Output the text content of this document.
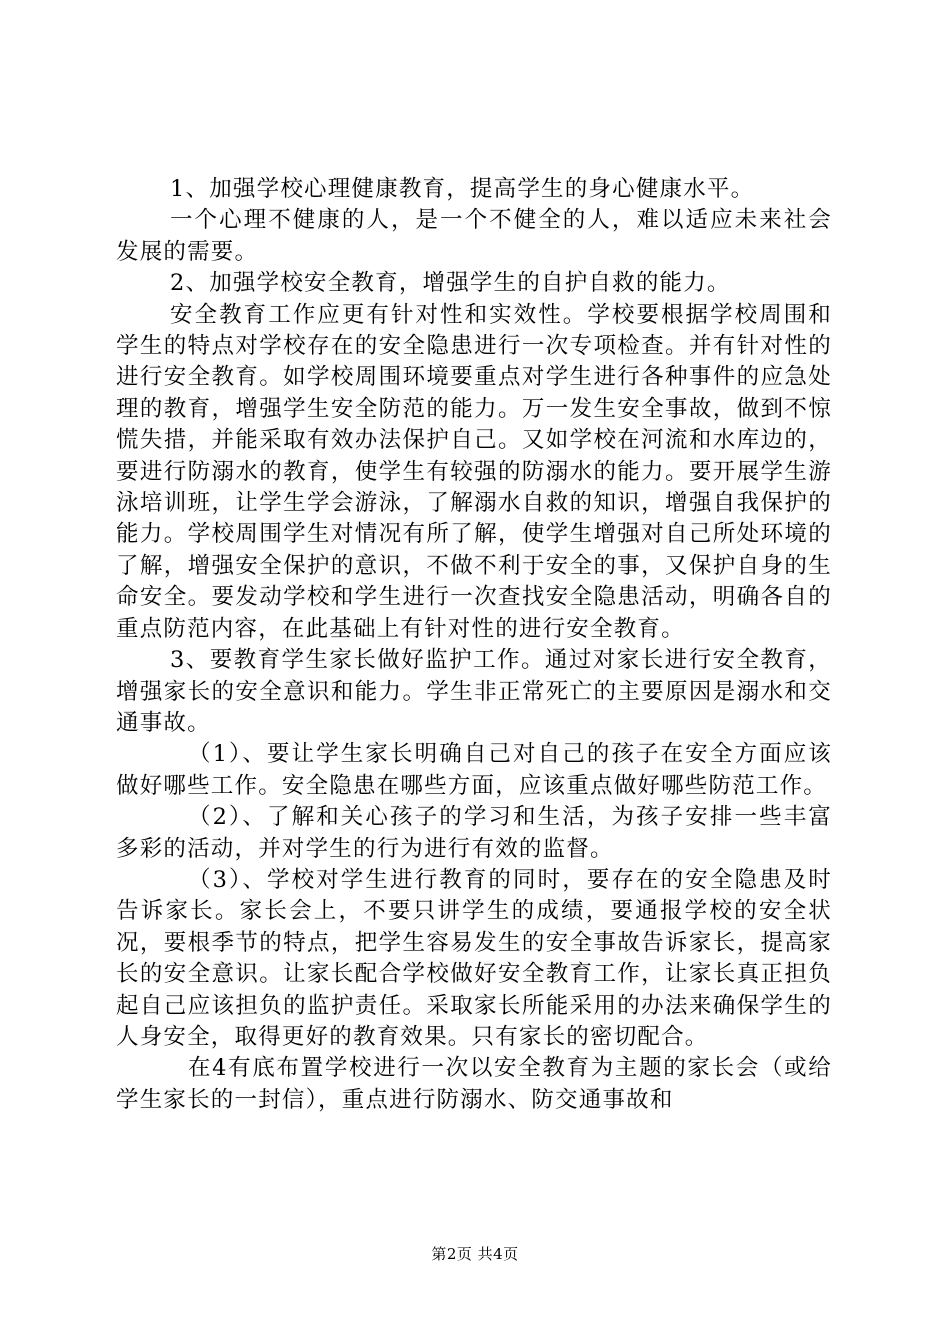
1、加强学校心理健康教育，提高学生的身心健康水平。

一个心理不健康的人，是一个不健全的人，难以适应未来社会发展的需要。

2、加强学校安全教育，增强学生的自护自救的能力。

安全教育工作应更有针对性和实效性。学校要根据学校周围和学生的特点对学校存在的安全隐患进行一次专项检查。并有针对性的进行安全教育。如学校周围环境要重点对学生进行各种事件的应急处理的教育，增强学生安全防范的能力。万一发生安全事故，做到不惊慌失措，并能采取有效办法保护自己。又如学校在河流和水库边的，要进行防溺水的教育，使学生有较强的防溺水的能力。要开展学生游泳培训班，让学生学会游泳，了解溺水自救的知识，增强自我保护的能力。学校周围学生对情况有所了解，使学生增强对自己所处环境的了解，增强安全保护的意识，不做不利于安全的事，又保护自身的生命安全。要发动学校和学生进行一次查找安全隐患活动，明确各自的重点防范内容，在此基础上有针对性的进行安全教育。

3、要教育学生家长做好监护工作。通过对家长进行安全教育，增强家长的安全意识和能力。学生非正常死亡的主要原因是溺水和交通事故。

（1）、要让学生家长明确自己对自己的孩子在安全方面应该做好哪些工作。安全隐患在哪些方面，应该重点做好哪些防范工作。

（2）、了解和关心孩子的学习和生活，为孩子安排一些丰富多彩的活动，并对学生的行为进行有效的监督。

（3）、学校对学生进行教育的同时，要存在的安全隐患及时告诉家长。家长会上，不要只讲学生的成绩，要通报学校的安全状况，要根季节的特点，把学生容易发生的安全事故告诉家长，提高家长的安全意识。让家长配合学校做好安全教育工作，让家长真正担负起自己应该担负的监护责任。采取家长所能采用的办法来确保学生的人身安全，取得更好的教育效果。只有家长的密切配合。

在4有底布置学校进行一次以安全教育为主题的家长会（或给学生家长的一封信），重点进行防溺水、防交通事故和

第2页 共4页
